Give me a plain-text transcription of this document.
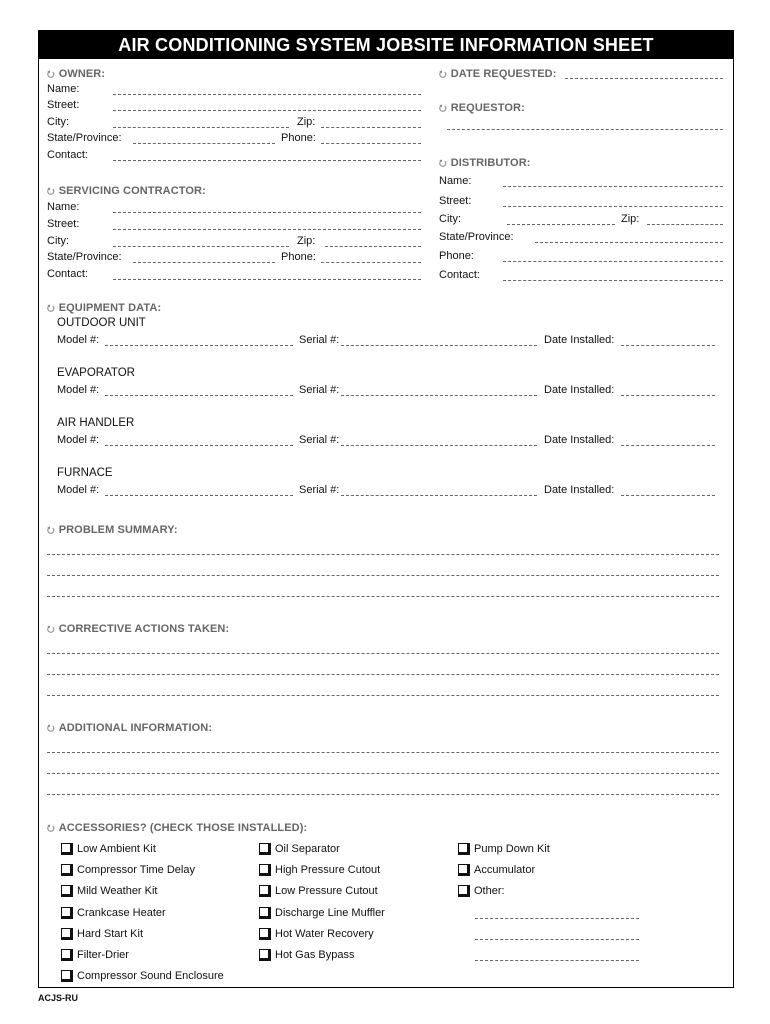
AIR CONDITIONING SYSTEM JOBSITE INFORMATION SHEET
⭮ OWNER:
Name:
Street:
City:	Zip:
State/Province:	Phone:
Contact:
⭮ DATE REQUESTED:
⭮ REQUESTOR:
⭮ DISTRIBUTOR:
Name:
Street:
City:	Zip:
State/Province:
Phone:
Contact:
⭮ SERVICING CONTRACTOR:
Name:
Street:
City:	Zip:
State/Province:	Phone:
Contact:
⭮ EQUIPMENT DATA:
OUTDOOR UNIT
Model #:	Serial #:	Date Installed:
EVAPORATOR
Model #:	Serial #:	Date Installed:
AIR HANDLER
Model #:	Serial #:	Date Installed:
FURNACE
Model #:	Serial #:	Date Installed:
⭮ PROBLEM SUMMARY:
⭮ CORRECTIVE ACTIONS TAKEN:
⭮ ADDITIONAL INFORMATION:
⭮ ACCESSORIES? (CHECK THOSE INSTALLED):
Low Ambient Kit
Compressor Time Delay
Mild Weather Kit
Crankcase Heater
Hard Start Kit
Filter-Drier
Compressor Sound Enclosure
Oil Separator
High Pressure Cutout
Low Pressure Cutout
Discharge Line Muffler
Hot Water Recovery
Hot Gas Bypass
Pump Down Kit
Accumulator
Other:
ACJS-RU
